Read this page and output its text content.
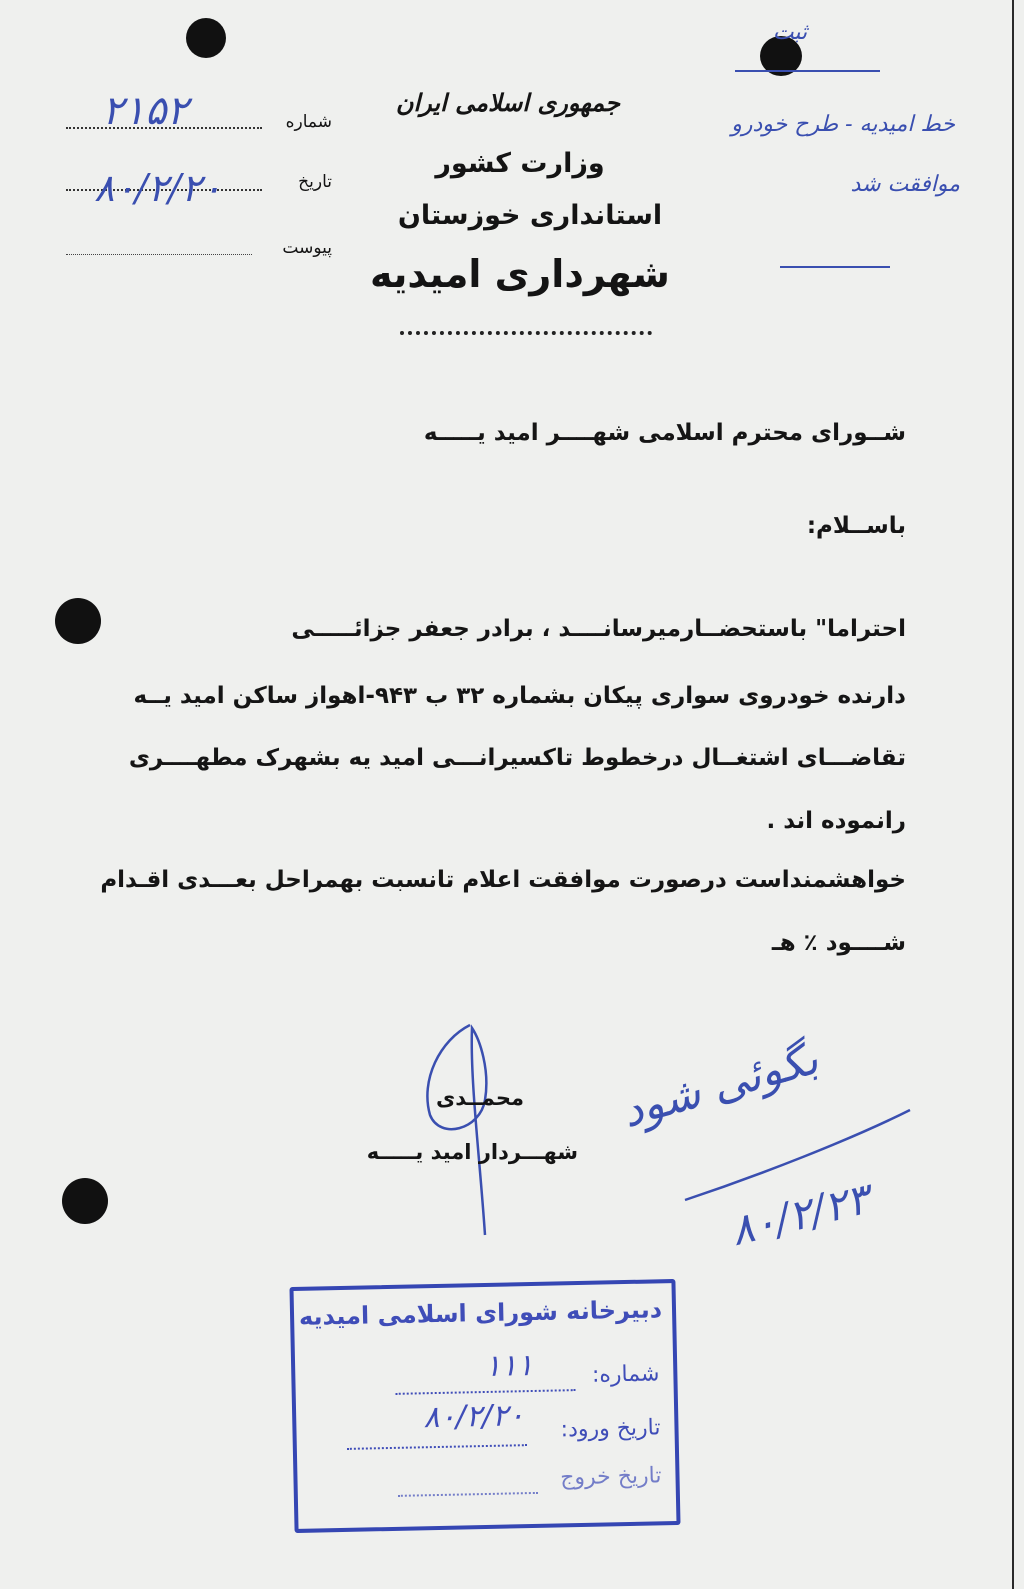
جمهوری اسلامی ایران
وزارت کشور
استانداری خوزستان
شهرداری امیدیه
شماره
۲۱۵۲
تاریخ
۸۰/۲/۲۰
پیوست
ثبت
خط امیدیه - طرح خودرو
موافقت شد
شــورای محترم اسلامی شهــــر امید یـــــه
باســلام:
احتراما" باستحضــارمیرسانــــد ، برادر جعفر جزائـــــی
دارنده خودروی سواری پیکان بشماره ۳۲ ب ۹۴۳-اهواز ساکن امید یــه
تقاضـــای اشتغــال درخطوط تاکسیرانـــی امید یه بشهرک مطهــــری
رانموده اند .
خواهشمنداست درصورت موافقت اعلام تانسبت بهمراحل بعـــدی اقـدام
شــــود ٪ هـ
محمــدی
شهـــردار امید یـــــه
بگوئی شود
۸۰/۲/۲۳
دبیرخانه شورای اسلامی امیدیه
شماره:
۱۱۱
تاریخ ورود:
۸۰/۲/۲۰
تاریخ خروج
